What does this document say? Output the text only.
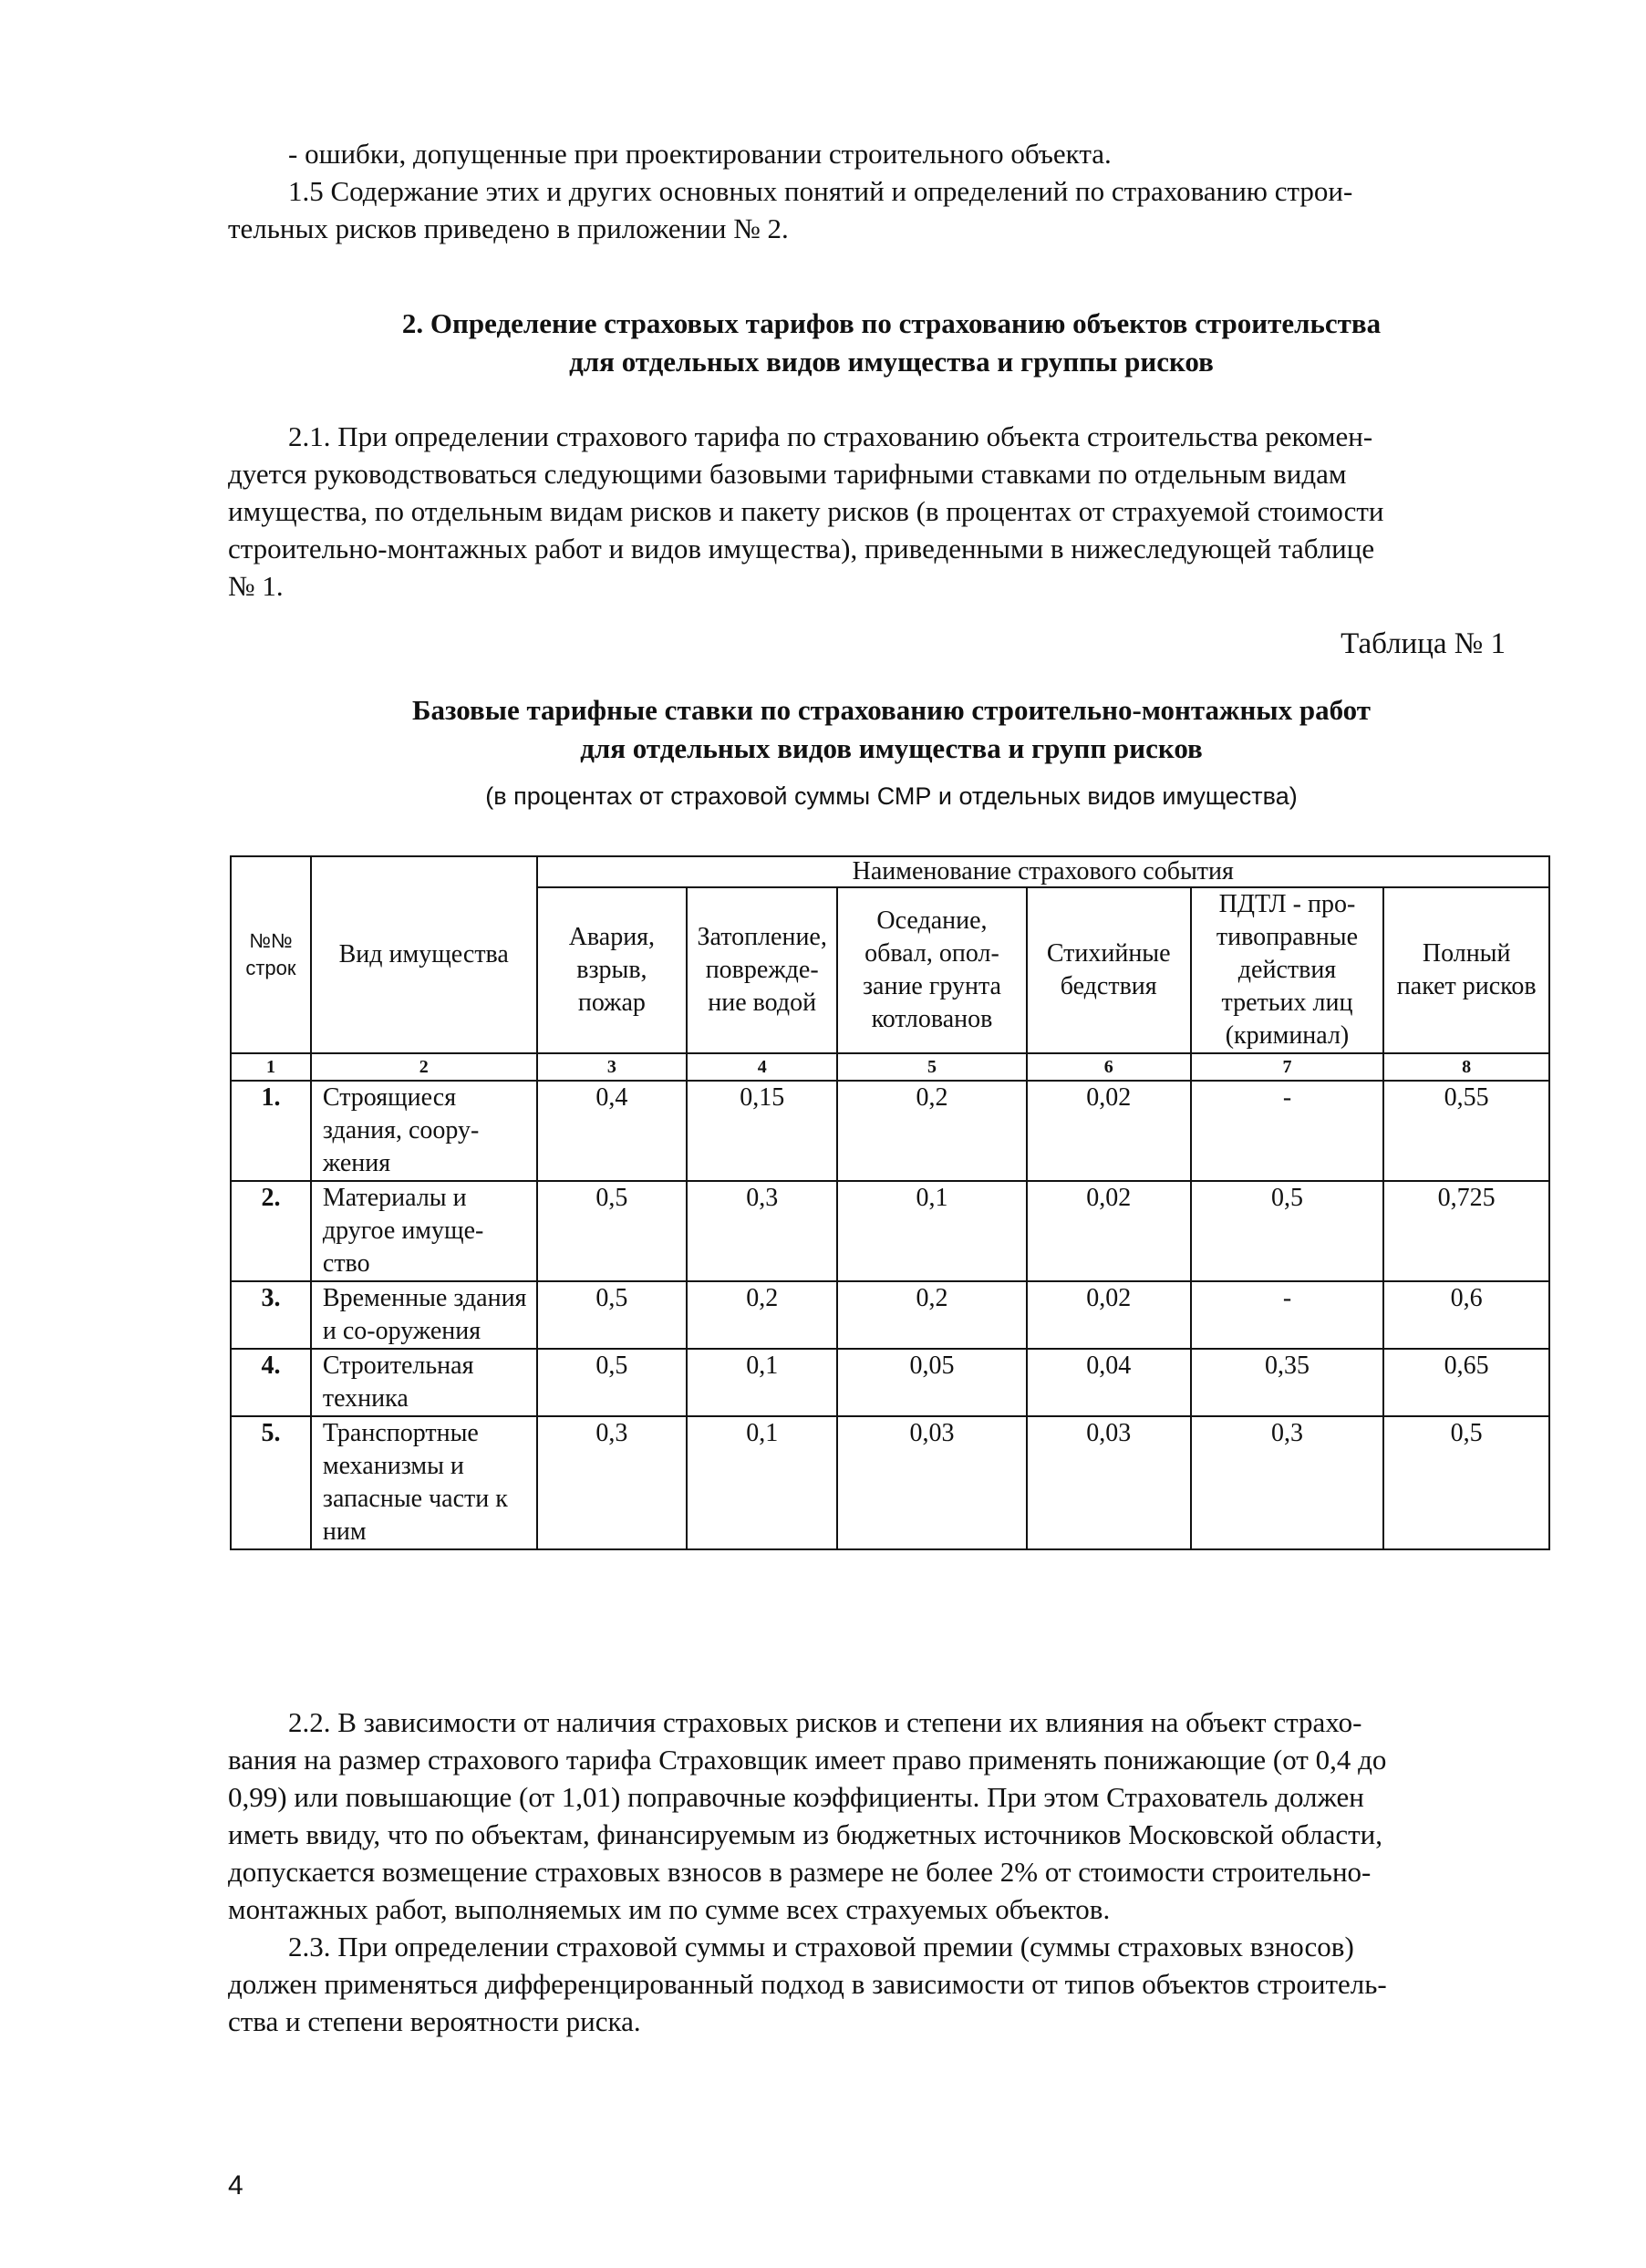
- ошибки, допущенные при проектировании строительного объекта.
1.5 Содержание этих и других основных понятий и определений по страхованию строи-
тельных рисков приведено в приложении № 2.
2. Определение страховых тарифов по страхованию объектов строительства
для отдельных видов имущества и группы рисков
2.1. При определении страхового тарифа по страхованию объекта строительства рекомен-
дуется руководствоваться следующими базовыми тарифными ставками по отдельным видам
имущества, по отдельным видам рисков и пакету рисков (в процентах от страхуемой стоимости
строительно-монтажных работ и видов имущества), приведенными в нижеследующей таблице
№ 1.
Таблица № 1
Базовые тарифные ставки по страхованию строительно-монтажных работ
для отдельных видов имущества и групп рисков
(в процентах от страховой суммы СМР и отдельных видов имущества)
№№ строк	Вид имущества	Наименование страхового события					
		Авария, взрыв, пожар	Затопление, поврежде-ние водой	Оседание, обвал, опол-зание грунта котлованов	Стихийные бедствия	ПДТЛ - про-тивоправные действия третьих лиц (криминал)	Полный пакет рисков
1	2	3	4	5	6	7	8
1.	Строящиеся здания, соору-жения	0,4	0,15	0,2	0,02	-	0,55
2.	Материалы и другое имуще-ство	0,5	0,3	0,1	0,02	0,5	0,725
3.	Временные здания и со-оружения	0,5	0,2	0,2	0,02	-	0,6
4.	Строительная техника	0,5	0,1	0,05	0,04	0,35	0,65
5.	Транспортные механизмы и запасные части к ним	0,3	0,1	0,03	0,03	0,3	0,5
2.2. В зависимости от наличия страховых рисков и степени их влияния на объект страхо-
вания на размер страхового тарифа Страховщик имеет право применять понижающие (от 0,4 до
0,99) или повышающие (от 1,01) поправочные коэффициенты. При этом Страхователь должен
иметь ввиду, что по объектам, финансируемым из бюджетных источников Московской области,
допускается возмещение страховых взносов в размере не более 2% от стоимости строительно-
монтажных работ, выполняемых им по сумме всех страхуемых объектов.
2.3. При определении страховой суммы и страховой премии (суммы страховых взносов)
должен применяться дифференцированный подход в зависимости от типов объектов строитель-
ства и степени вероятности риска.
4
